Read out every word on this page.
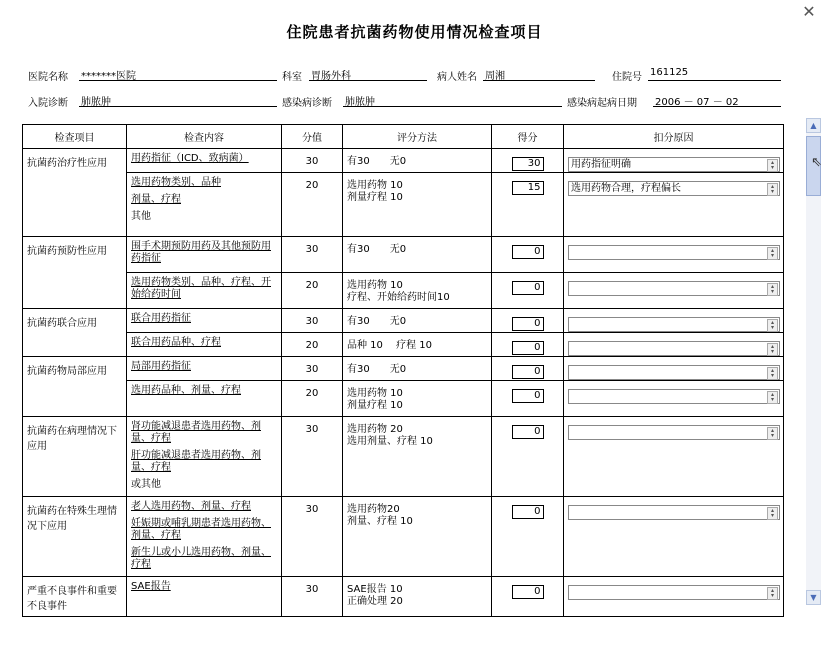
✕
住院患者抗菌药物使用情况检查项目
医院名称 *******医院	科室 胃肠外科	病人姓名 周湘	住院号 161125
入院诊断 肺脓肿	感染病诊断 肺脓肿	感染病起病日期 2006 － 07 － 02
检查项目	检查内容	分值	评分方法	得分	扣分原因
抗菌药治疗性应用	用药指征（ICD、致病菌）	30	有30　　无0	30	用药指征明确 ▴
▾

	选用药物类别、品种
剂量、疗程
其他	20	选用药物 10
剂量疗程 10	15	选用药物合理，疗程偏长 ▴
▾

抗菌药预防性应用	围手术期预防用药及其他预防用药指征	30	有30　　无0	0	▴
▾

	选用药物类别、品种、疗程、开始给药时间	20	选用药物 10
疗程、开始给药时间10	0	▴
▾

抗菌药联合应用	联合用药指征	30	有30　　无0	0	▴
▾

	联合用药品种、疗程	20	品种 10　 疗程 10	0	▴
▾

抗菌药物局部应用	局部用药指征	30	有30　　无0	0	▴
▾

	选用药品种、剂量、疗程	20	选用药物 10
剂量疗程 10	0	▴
▾

抗菌药在病理情况下应用	肾功能减退患者选用药物、剂量、疗程
肝功能减退患者选用药物、剂量、疗程
或其他	30	选用药物 20
选用剂量、疗程 10	0	▴
▾

抗菌药在特殊生理情况下应用	老人选用药物、剂量、疗程
妊娠期或哺乳期患者选用药物、剂量、疗程
新生儿或小儿选用药物、剂量、疗程	30	选用药物20
剂量、疗程 10	0	▴
▾

严重不良事件和重要不良事件	SAE报告	30	SAE报告 10
正确处理 20	0	▴
▾
▲
▼
⇖
